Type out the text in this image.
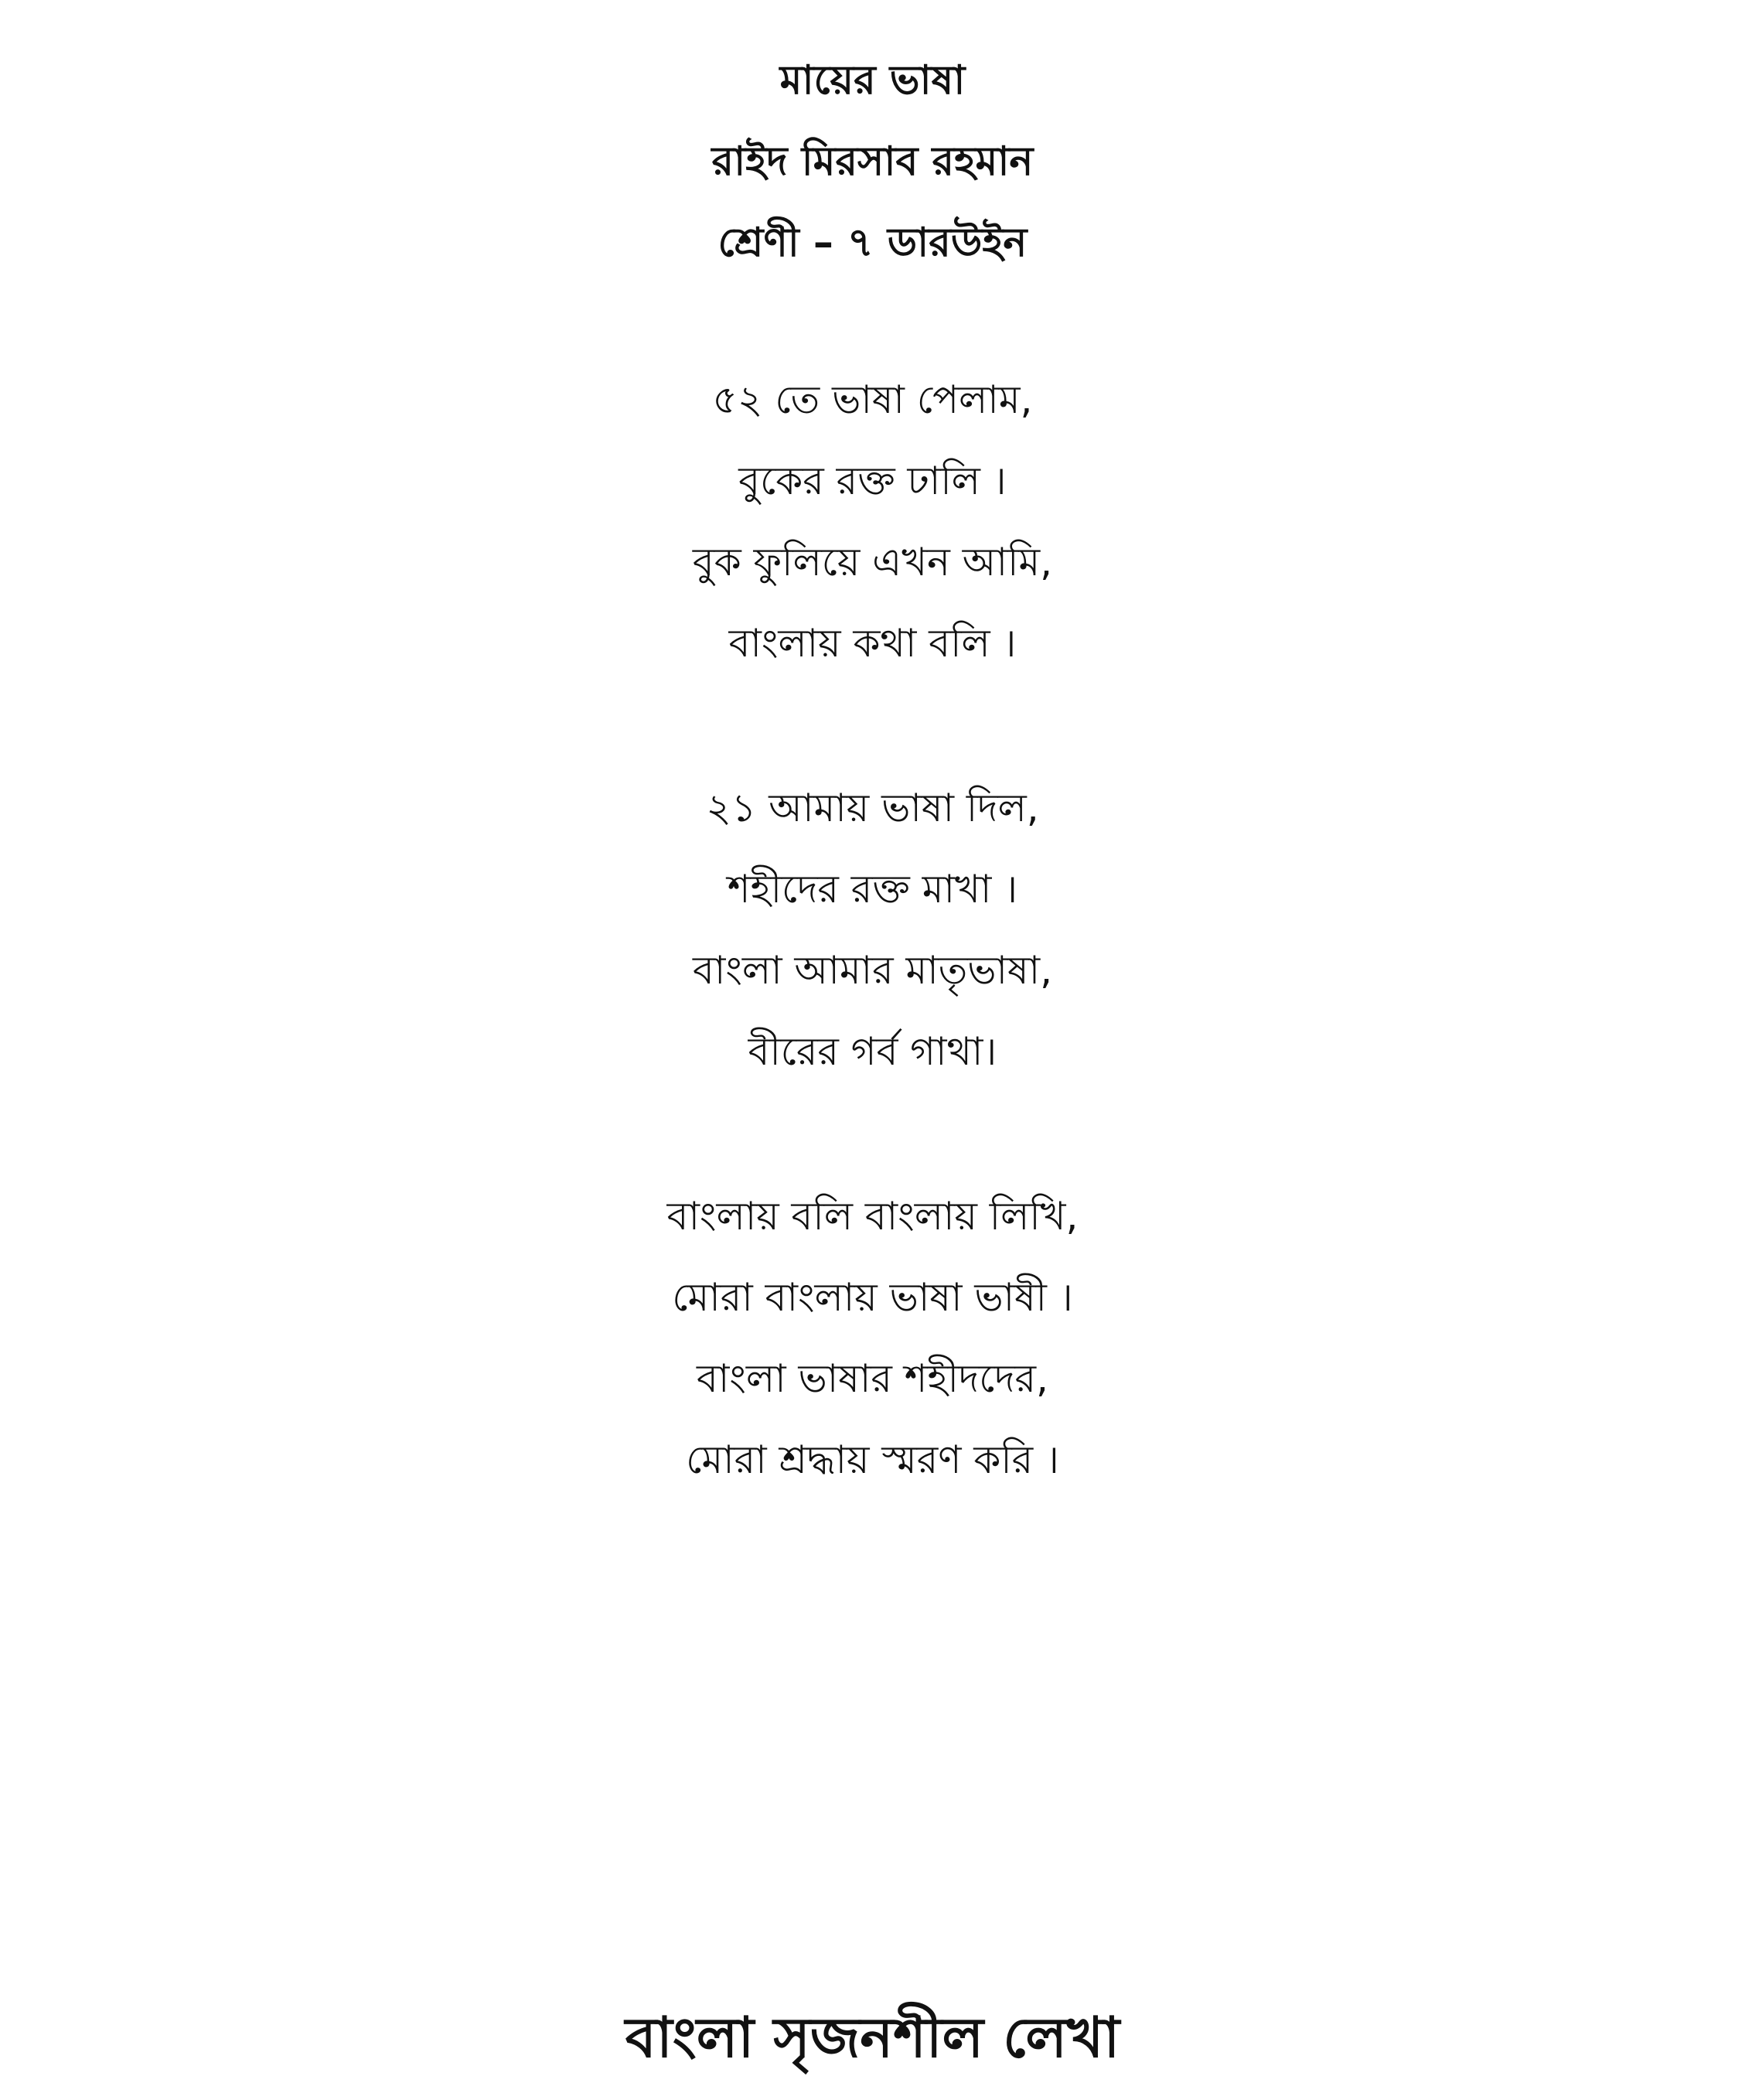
মায়ের ভাষা
রাইদ মিরসাব রহমান
শ্রেণী – ৭ ডারউইন
৫২ তে ভাষা পেলাম,
বুকের রক্ত ঢালি ।
বুক ফুলিয়ে এখন আমি,
বাংলায় কথা বলি ।
২১ আমায় ভাষা দিল,
শহীদের রক্ত মাখা ।
বাংলা আমার মাতৃভাষা,
বীরের গর্ব গাথা।
বাংলায় বলি বাংলায় লিখি,
মোরা বাংলায় ভাষা ভাষী ।
বাংলা ভাষার শহীদদের,
মোরা শ্রদ্ধায় স্মরণ করি ।
বাংলা সৃজনশীল লেখা
